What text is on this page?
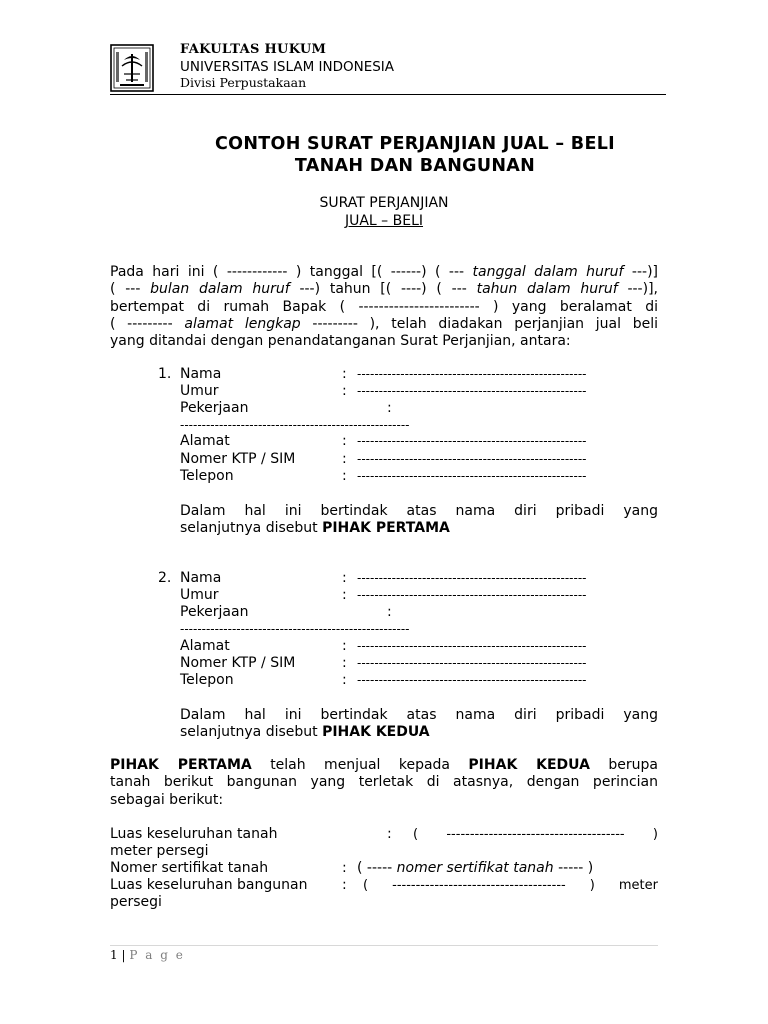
FAKULTAS HUKUM
UNIVERSITAS ISLAM INDONESIA
Divisi Perpustakaan
CONTOH SURAT PERJANJIAN JUAL – BELI
TANAH DAN BANGUNAN
SURAT PERJANJIAN
JUAL – BELI
Pada hari ini ( ------------ ) tanggal [( ------) ( --- tanggal dalam huruf ---)]
( --- bulan dalam huruf ---) tahun [( ----) ( --- tahun dalam huruf ---)],
bertempat di rumah Bapak ( ------------------------ ) yang beralamat di
( --------- alamat lengkap --------- ), telah diadakan perjanjian jual beli
yang ditandai dengan penandatanganan Surat Perjanjian, antara:
1. Nama	: -----------------------------------------------------
Umur	: -----------------------------------------------------
Pekerjaan	:
-----------------------------------------------------
Alamat	: -----------------------------------------------------
Nomer KTP / SIM	: -----------------------------------------------------
Telepon	: -----------------------------------------------------
Dalam hal ini bertindak atas nama diri pribadi yang
selanjutnya disebut PIHAK PERTAMA
2. Nama	: -----------------------------------------------------
Umur	: -----------------------------------------------------
Pekerjaan	:
-----------------------------------------------------
Alamat	: -----------------------------------------------------
Nomer KTP / SIM	: -----------------------------------------------------
Telepon	: -----------------------------------------------------
Dalam hal ini bertindak atas nama diri pribadi yang
selanjutnya disebut PIHAK KEDUA
PIHAK PERTAMA telah menjual kepada PIHAK KEDUA berupa
tanah berikut bangunan yang terletak di atasnya, dengan perincian
sebagai berikut:
Luas keseluruhan tanah	: ( -------------------------------------- )
meter persegi
Nomer sertifikat tanah	: ( ----- nomer sertifikat tanah ----- )
Luas keseluruhan bangunan : ( ------------------------------------- ) meter
persegi
1 | P a g e
